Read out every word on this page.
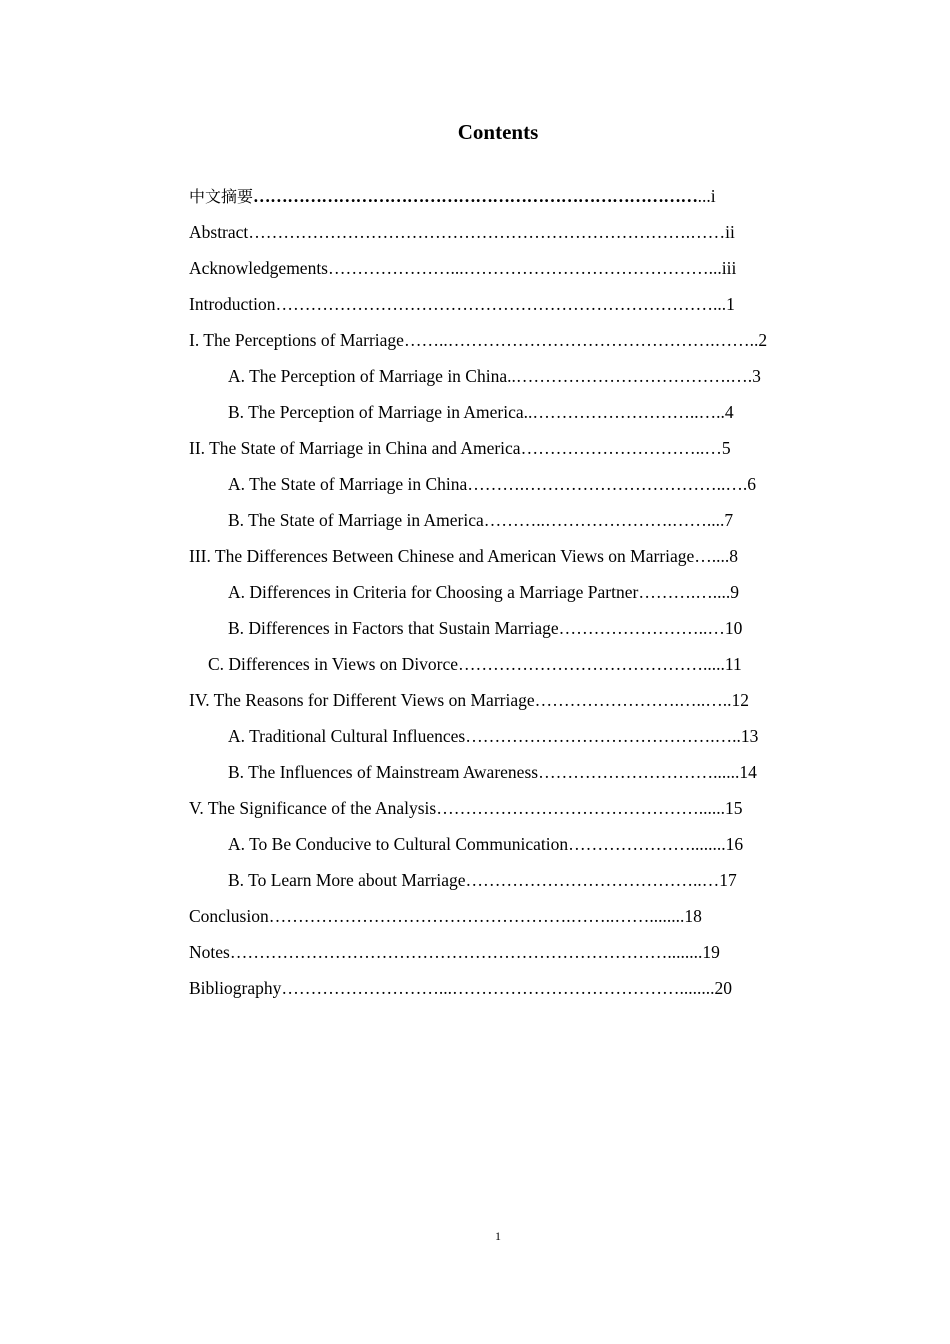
Contents
中文摘要……………………………………………………………………...i
Abstract………………………………………………………………….……ii
Acknowledgements…………………...……………………………………...iii
Introduction…………………………………………………………………...1
I. The Perceptions of Marriage……..……………………………………….……..2
A. The Perception of Marriage in China..……………………………….….3
B. The Perception of Marriage in America..………………………..…..4
II. The State of Marriage in China and America…………………………..…5
A. The State of Marriage in China……….……………………………..….6
B. The State of Marriage in America………..………………….……....7
III. The Differences Between Chinese and American Views on Marriage…....8
A. Differences in Criteria for Choosing a Marriage Partner……….…....9
B. Differences in Factors that Sustain Marriage……………………..…10
C. Differences in Views on Divorce…………………………………….....11
IV. The Reasons for Different Views on Marriage…………………….…..…..12
A. Traditional Cultural Influences…………………………………….…..13
B. The Influences of Mainstream Awareness…………………………......14
V. The Significance of the Analysis………………………………………......15
A. To Be Conducive to Cultural Communication…………………........16
B. To Learn More about Marriage…………………………………..…17
Conclusion…………………………………………….……..……........18
Notes…………………………………………………………………........19
Bibliography………………………...…………………………………........20
1
